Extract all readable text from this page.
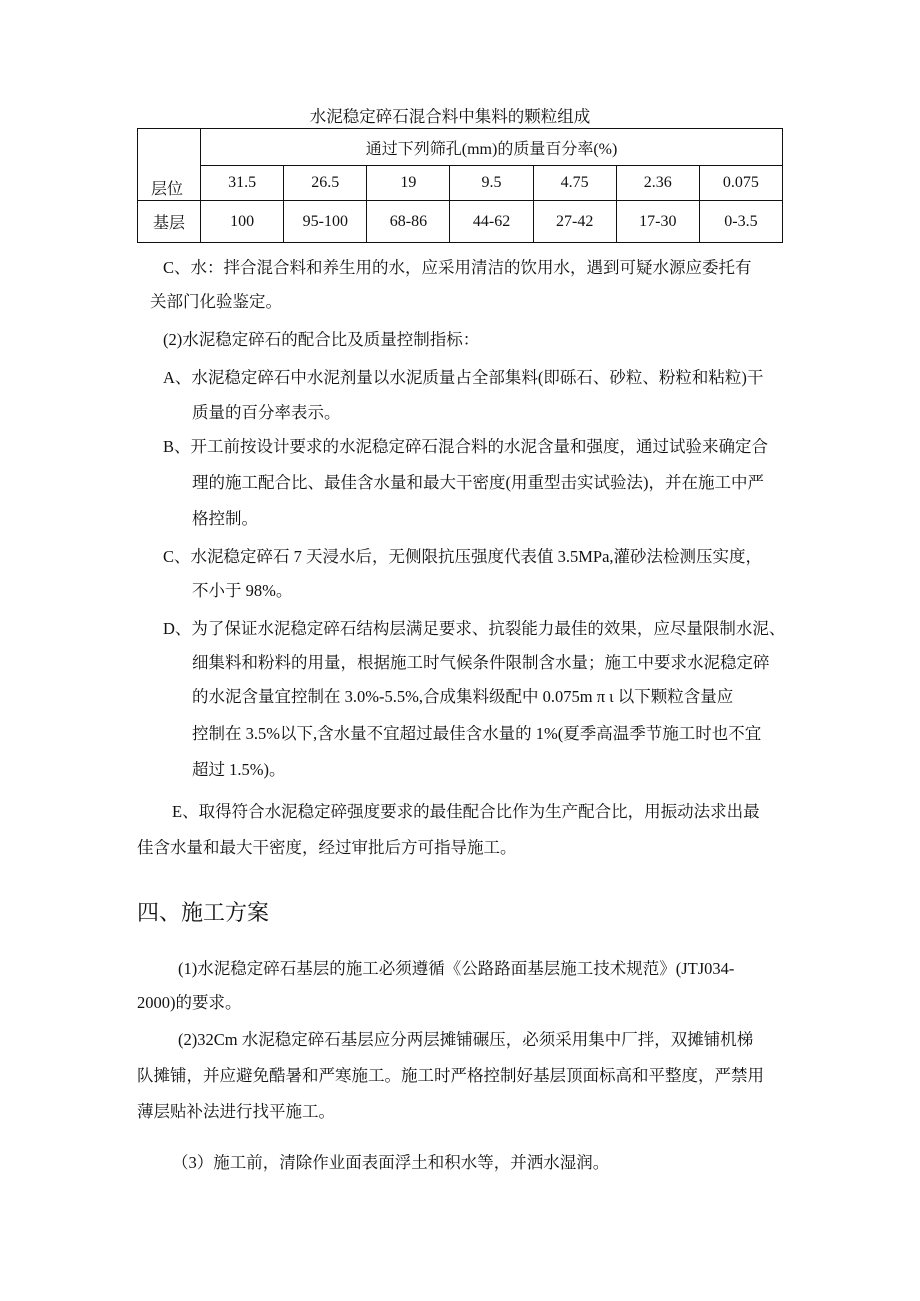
水泥稳定碎石混合料中集料的颗粒组成
层位	通过下列筛孔(mm)的质量百分率(%)						
	31.5	26.5	19	9.5	4.75	2.36	0.075
基层	100	95-100	68-86	44-62	27-42	17-30	0-3.5
C、水：拌合混合料和养生用的水，应采用清洁的饮用水，遇到可疑水源应委托有
关部门化验鉴定。
(2)水泥稳定碎石的配合比及质量控制指标：
A、水泥稳定碎石中水泥剂量以水泥质量占全部集料(即砾石、砂粒、粉粒和粘粒)干
质量的百分率表示。
B、开工前按设计要求的水泥稳定碎石混合料的水泥含量和强度，通过试验来确定合
理的施工配合比、最佳含水量和最大干密度(用重型击实试验法)，并在施工中严
格控制。
C、水泥稳定碎石 7 天浸水后，无侧限抗压强度代表值 3.5MPa,灌砂法检测压实度，
不小于 98%。
D、为了保证水泥稳定碎石结构层满足要求、抗裂能力最佳的效果，应尽量限制水泥、
细集料和粉料的用量，根据施工时气候条件限制含水量；施工中要求水泥稳定碎
的水泥含量宜控制在 3.0%-5.5%,合成集料级配中 0.075m π ι 以下颗粒含量应
控制在 3.5%以下,含水量不宜超过最佳含水量的 1%(夏季高温季节施工时也不宜
超过 1.5%)。
E、取得符合水泥稳定碎强度要求的最佳配合比作为生产配合比，用振动法求出最
佳含水量和最大干密度，经过审批后方可指导施工。
四、施工方案
(1)水泥稳定碎石基层的施工必须遵循《公路路面基层施工技术规范》(JTJ034-
2000)的要求。
(2)32Cm 水泥稳定碎石基层应分两层摊铺碾压，必须采用集中厂拌，双摊铺机梯
队摊铺，并应避免酷暑和严寒施工。施工时严格控制好基层顶面标高和平整度，严禁用
薄层贴补法进行找平施工。
（3）施工前，清除作业面表面浮土和积水等，并洒水湿润。
